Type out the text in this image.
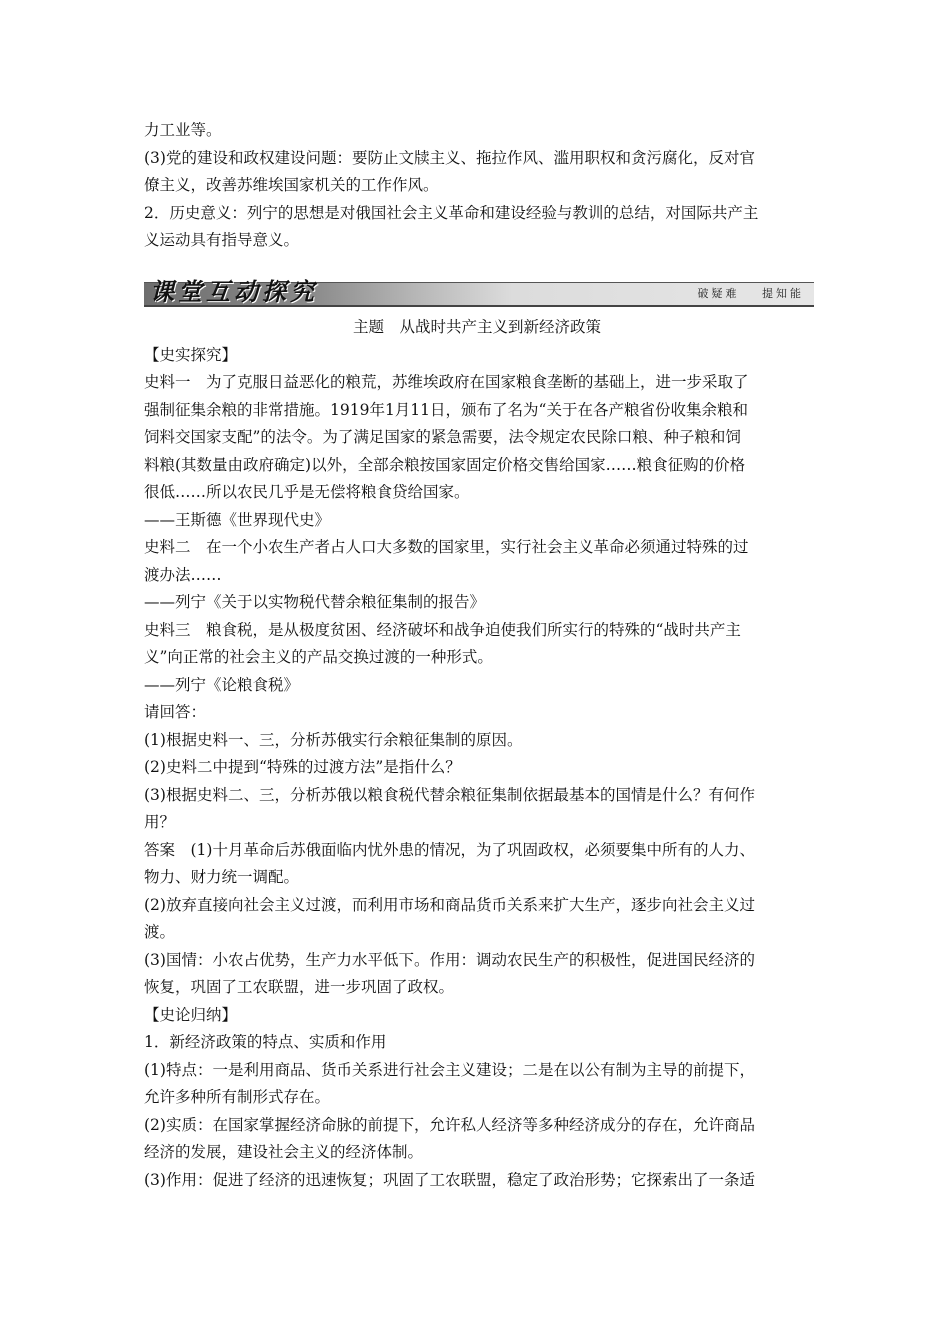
力工业等。
(3)党的建设和政权建设问题：要防止文牍主义、拖拉作风、滥用职权和贪污腐化，反对官
僚主义，改善苏维埃国家机关的工作作风。
2．历史意义：列宁的思想是对俄国社会主义革命和建设经验与教训的总结，对国际共产主
义运动具有指导意义。
课堂互动探究	破疑难 提知能
主题　从战时共产主义到新经济政策
【史实探究】
史料一　为了克服日益恶化的粮荒，苏维埃政府在国家粮食垄断的基础上，进一步采取了
强制征集余粮的非常措施。1919年1月11日，颁布了名为“关于在各产粮省份收集余粮和
饲料交国家支配”的法令。为了满足国家的紧急需要，法令规定农民除口粮、种子粮和饲
料粮(其数量由政府确定)以外，全部余粮按国家固定价格交售给国家……粮食征购的价格
很低……所以农民几乎是无偿将粮食贷给国家。
——王斯德《世界现代史》
史料二　在一个小农生产者占人口大多数的国家里，实行社会主义革命必须通过特殊的过
渡办法……
——列宁《关于以实物税代替余粮征集制的报告》
史料三　粮食税，是从极度贫困、经济破坏和战争迫使我们所实行的特殊的“战时共产主
义”向正常的社会主义的产品交换过渡的一种形式。
——列宁《论粮食税》
请回答：
(1)根据史料一、三，分析苏俄实行余粮征集制的原因。
(2)史料二中提到“特殊的过渡方法”是指什么？
(3)根据史料二、三，分析苏俄以粮食税代替余粮征集制依据最基本的国情是什么？有何作
用？
答案　(1)十月革命后苏俄面临内忧外患的情况，为了巩固政权，必须要集中所有的人力、
物力、财力统一调配。
(2)放弃直接向社会主义过渡，而利用市场和商品货币关系来扩大生产，逐步向社会主义过
渡。
(3)国情：小农占优势，生产力水平低下。作用：调动农民生产的积极性，促进国民经济的
恢复，巩固了工农联盟，进一步巩固了政权。
【史论归纳】
1．新经济政策的特点、实质和作用
(1)特点：一是利用商品、货币关系进行社会主义建设；二是在以公有制为主导的前提下，
允许多种所有制形式存在。
(2)实质：在国家掌握经济命脉的前提下，允许私人经济等多种经济成分的存在，允许商品
经济的发展，建设社会主义的经济体制。
(3)作用：促进了经济的迅速恢复；巩固了工农联盟，稳定了政治形势；它探索出了一条适
